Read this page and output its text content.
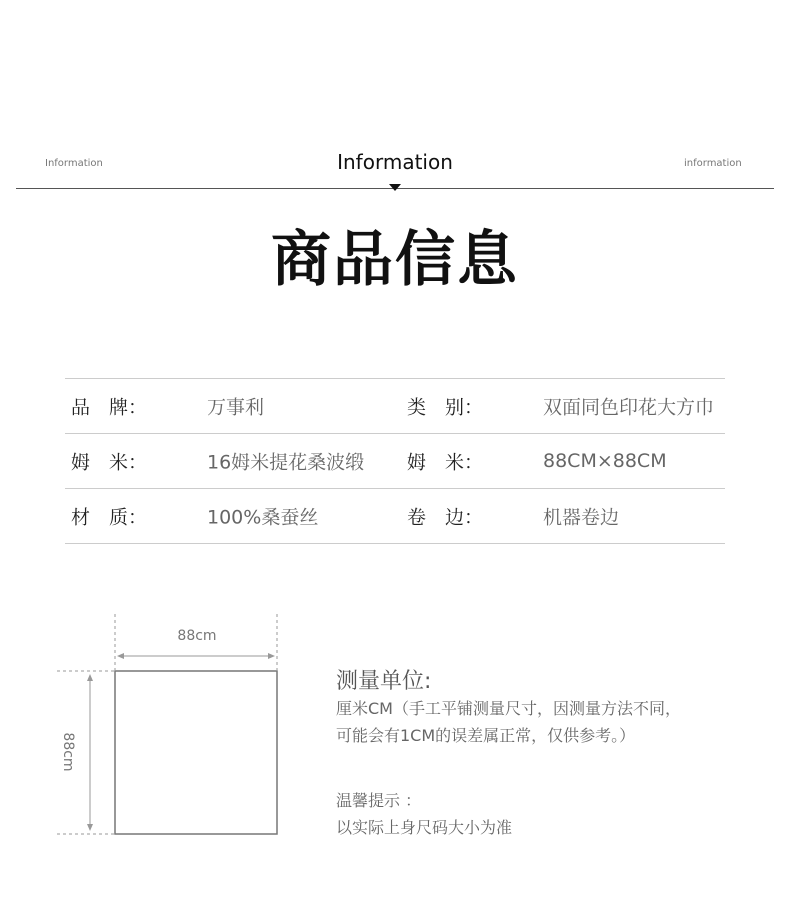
Information	Information	information
商品信息
品　牌：	万事利	类　别：	双面同色印花大方巾
姆　米：	16姆米提花桑波缎 姆　米：	88CM×88CM
材　质：	100%桑蚕丝	卷　边：	机器卷边
88cm
88cm
测量单位:
厘米CM（手工平铺测量尺寸，因测量方法不同，
可能会有1CM的误差属正常，仅供参考。）
温馨提示 ：
以实际上身尺码大小为准
